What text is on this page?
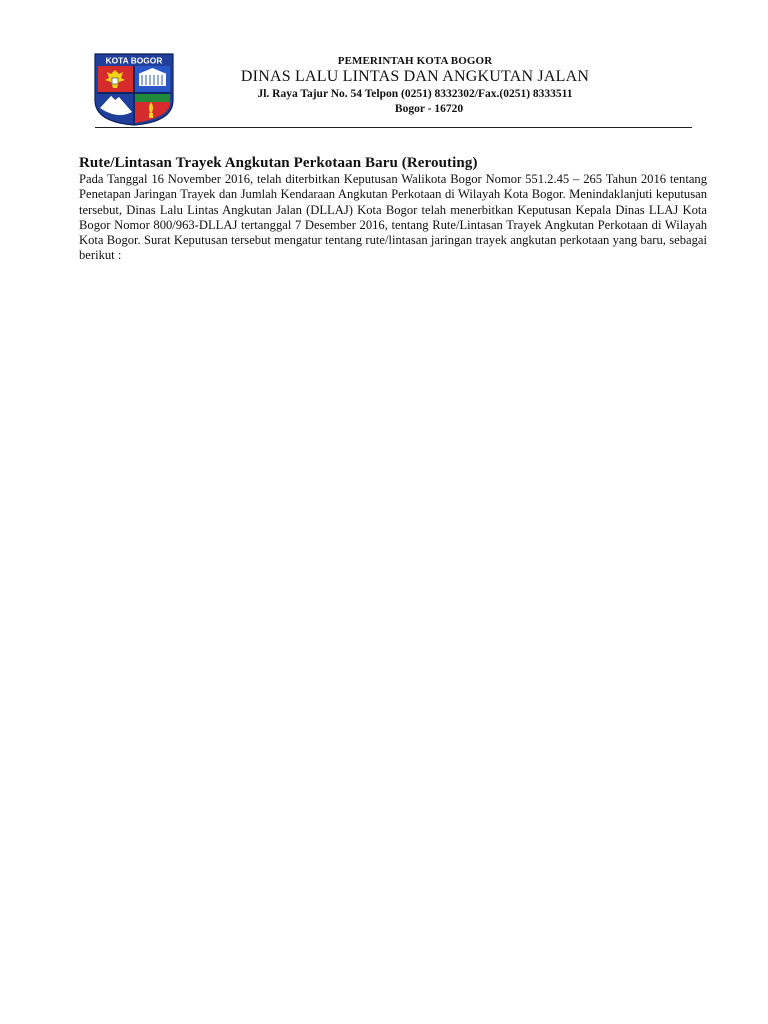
KOTA BOGOR	PEMERINTAH KOTA BOGOR
DINAS LALU LINTAS DAN ANGKUTAN JALAN
Jl. Raya Tajur No. 54 Telpon (0251) 8332302/Fax.(0251) 8333511
Bogor - 16720
Rute/Lintasan Trayek Angkutan Perkotaan Baru (Rerouting)

Pada Tanggal 16 November 2016, telah diterbitkan Keputusan Walikota Bogor Nomor 551.2.45 – 265 Tahun 2016 tentang Penetapan Jaringan Trayek dan Jumlah Kendaraan Angkutan Perkotaan di Wilayah Kota Bogor. Menindaklanjuti keputusan tersebut, Dinas Lalu Lintas Angkutan Jalan (DLLAJ) Kota Bogor telah menerbitkan Keputusan Kepala Dinas LLAJ Kota Bogor Nomor 800/963-DLLAJ tertanggal 7 Desember 2016, tentang Rute/Lintasan Trayek Angkutan Perkotaan di Wilayah Kota Bogor. Surat Keputusan tersebut mengatur tentang rute/lintasan jaringan trayek angkutan perkotaan yang baru, sebagai berikut :
